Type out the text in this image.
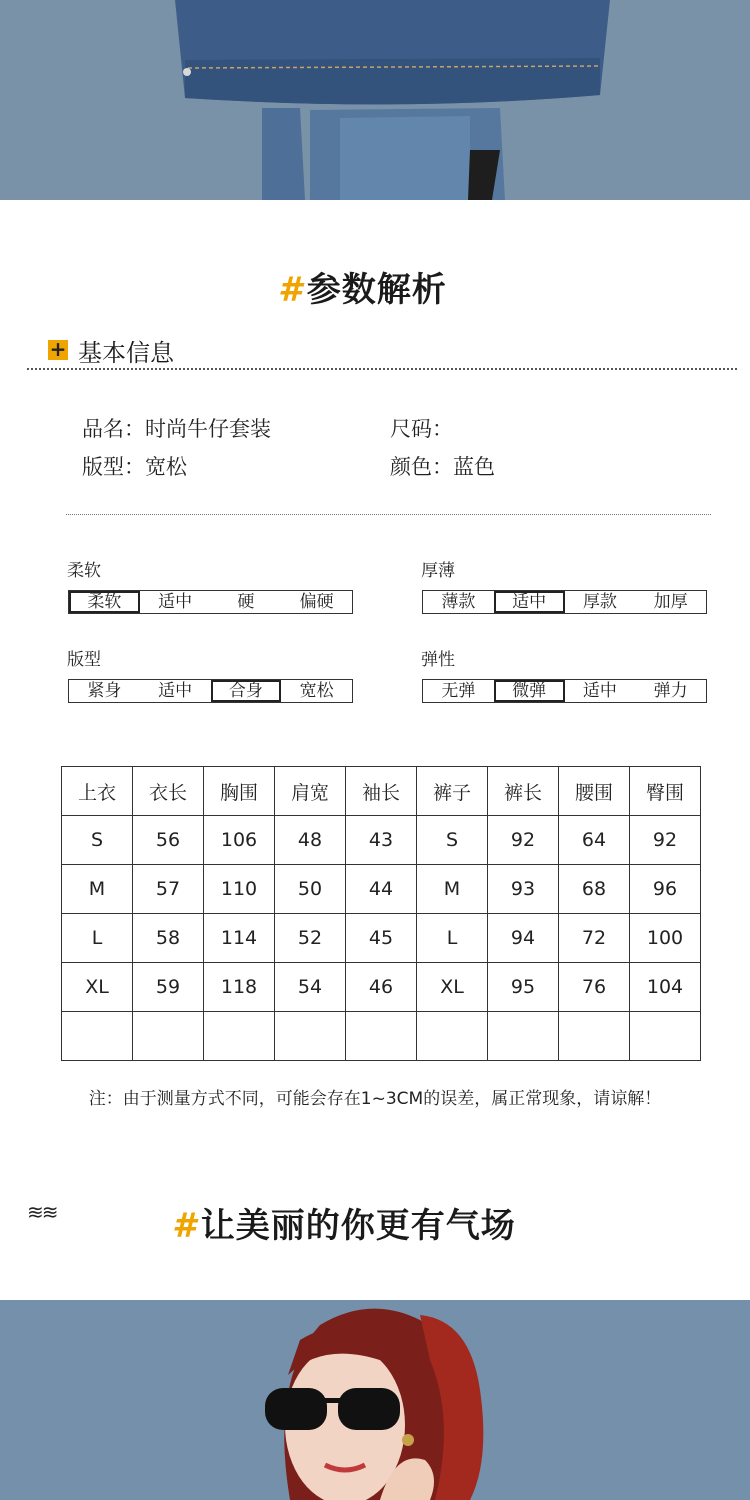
# 参数解析
+ 基本信息
品名：时尚牛仔套装	尺码：
版型：宽松	颜色：蓝色
柔软
柔软	适中	硬	偏硬
厚薄
薄款	适中	厚款	加厚
版型
紧身	适中	合身	宽松
弹性
无弹	微弹	适中	弹力
上衣	衣长	胸围	肩宽	袖长	裤子	裤长	腰围	臀围
S	56	106	48	43	S	92	64	92
M	57	110	50	44	M	93	68	96
L	58	114	52	45	L	94	72	100
XL	59	118	54	46	XL	95	76	104

注：由于测量方式不同，可能会存在1~3CM的误差，属正常现象，请谅解！
≋≋	# 让美丽的你更有气场
